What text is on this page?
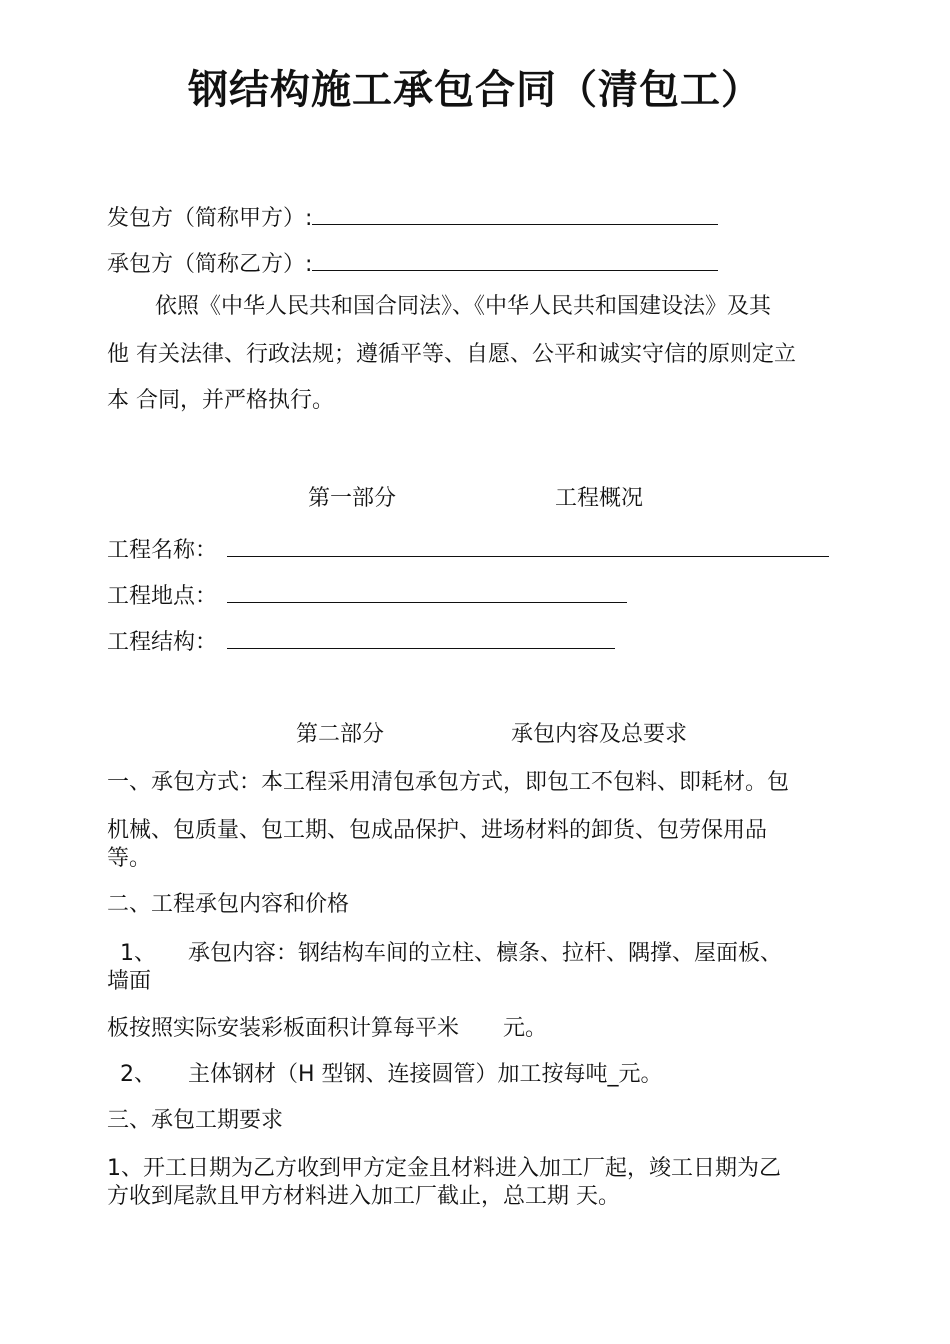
钢结构施工承包合同（清包工）
发包方（简称甲方）:
承包方（简称乙方）:
依照《中华人民共和国合同法》、《中华人民共和国建设法》及其
他 有关法律、行政法规；遵循平等、自愿、公平和诚实守信的原则定立
本 合同，并严格执行。
第一部分	工程概况
工程名称：
工程地点：
工程结构：
第二部分	承包内容及总要求
一、承包方式：本工程采用清包承包方式，即包工不包料、即耗材。包
机械、包质量、包工期、包成品保护、进场材料的卸货、包劳保用品
等。
二、工程承包内容和价格
1、 承包内容：钢结构车间的立柱、檩条、拉杆、隅撑、屋面板、
墙面
板按照实际安装彩板面积计算每平米 元。
2、 主体钢材（H 型钢、连接圆管）加工按每吨_元。
三、承包工期要求
1、开工日期为乙方收到甲方定金且材料进入加工厂起，竣工日期为乙
方收到尾款且甲方材料进入加工厂截止，总工期 天。
